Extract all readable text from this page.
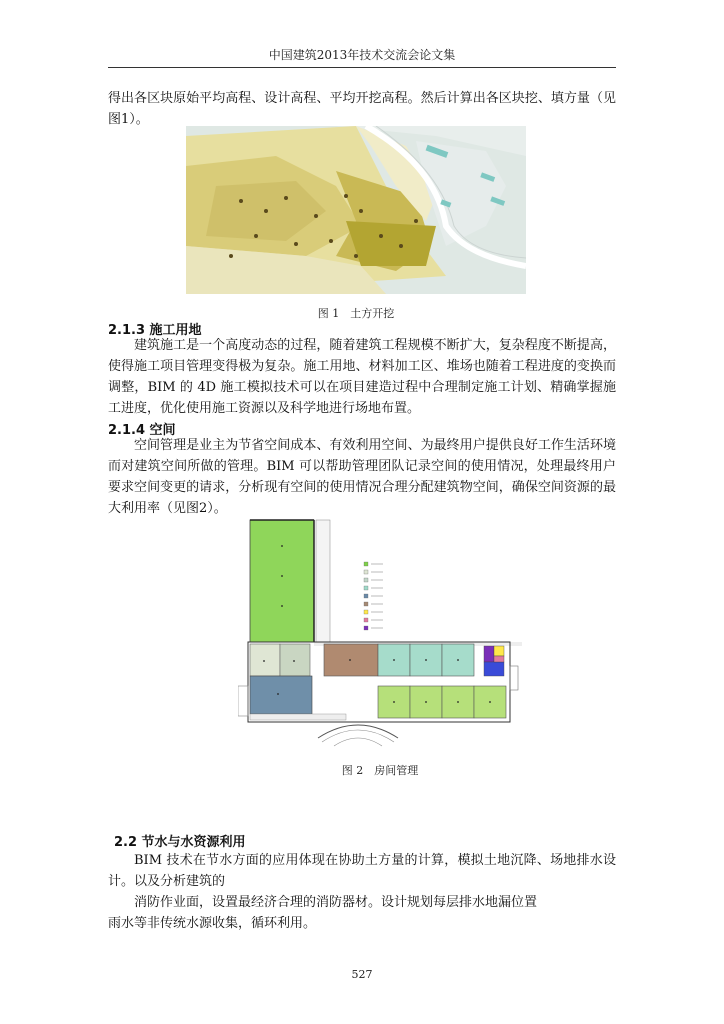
中国建筑2013年技术交流会论文集
得出各区块原始平均高程、设计高程、平均开挖高程。然后计算出各区块挖、填方量（见图1）。
图 1　土方开挖
2.1.3 施工用地
建筑施工是一个高度动态的过程，随着建筑工程规模不断扩大，复杂程度不断提高，使得施工项目管理变得极为复杂。施工用地、材料加工区、堆场也随着工程进度的变换而调整，BIM 的 4D 施工模拟技术可以在项目建造过程中合理制定施工计划、精确掌握施工进度，优化使用施工资源以及科学地进行场地布置。
2.1.4 空间
空间管理是业主为节省空间成本、有效利用空间、为最终用户提供良好工作生活环境而对建筑空间所做的管理。BIM 可以帮助管理团队记录空间的使用情况，处理最终用户要求空间变更的请求，分析现有空间的使用情况合理分配建筑物空间，确保空间资源的最大利用率（见图2）。
图 2　房间管理
2.2 节水与水资源利用
BIM 技术在节水方面的应用体现在协助土方量的计算，模拟土地沉降、场地排水设计。以及分析建筑的
消防作业面，设置最经济合理的消防器材。设计规划每层排水地漏位置
雨水等非传统水源收集，循环利用。
527
